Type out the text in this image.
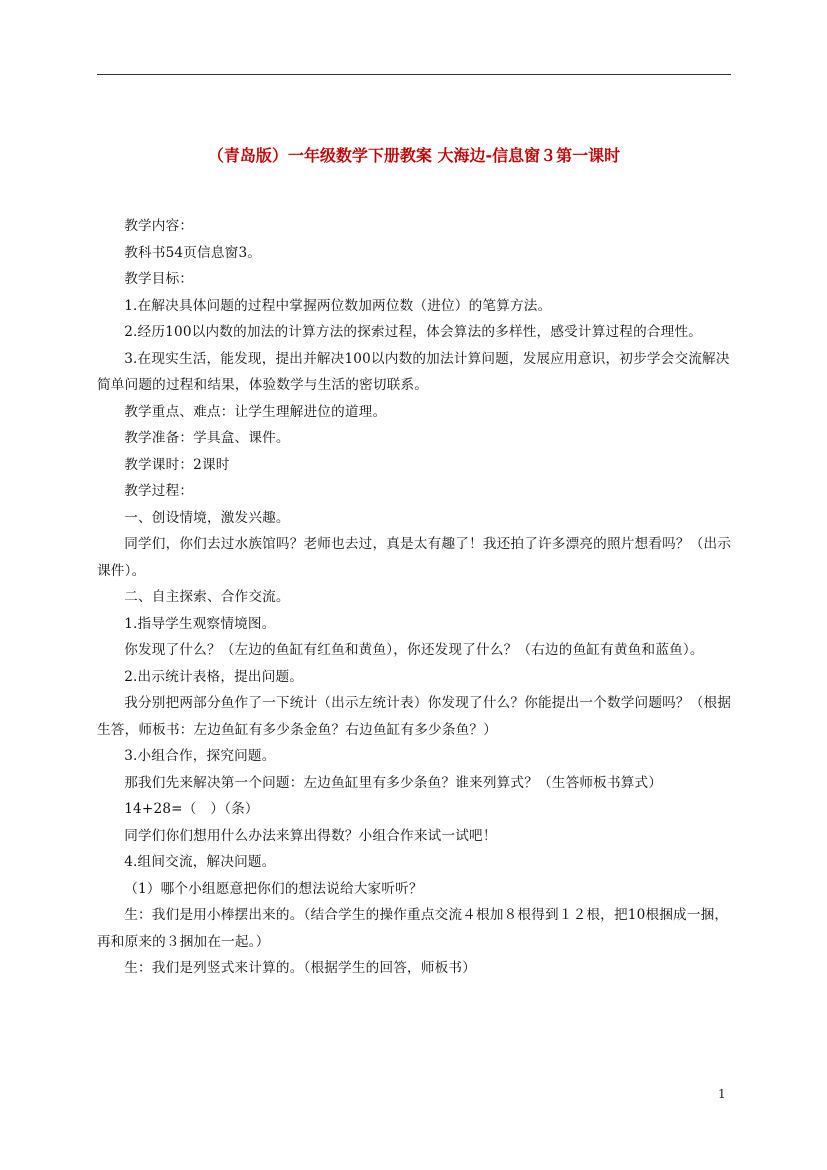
（青岛版）一年级数学下册教案 大海边-信息窗３第一课时

教学内容：

教科书54页信息窗3。

教学目标：

1.在解决具体问题的过程中掌握两位数加两位数（进位）的笔算方法。

2.经历100以内数的加法的计算方法的探索过程，体会算法的多样性，感受计算过程的合理性。

3.在现实生活，能发现，提出并解决100以内数的加法计算问题，发展应用意识，初步学会交流解决简单问题的过程和结果，体验数学与生活的密切联系。

教学重点、难点：让学生理解进位的道理。

教学准备：学具盒、课件。

教学课时：2课时

教学过程：

一、创设情境，激发兴趣。

同学们，你们去过水族馆吗？老师也去过，真是太有趣了！我还拍了许多漂亮的照片想看吗？（出示课件）。

二、自主探索、合作交流。

1.指导学生观察情境图。

你发现了什么？（左边的鱼缸有红鱼和黄鱼），你还发现了什么？（右边的鱼缸有黄鱼和蓝鱼）。

2.出示统计表格，提出问题。

我分别把两部分鱼作了一下统计（出示左统计表）你发现了什么？你能提出一个数学问题吗？（根据生答，师板书：左边鱼缸有多少条金鱼？右边鱼缸有多少条鱼？）

3.小组合作，探究问题。

那我们先来解决第一个问题：左边鱼缸里有多少条鱼？谁来列算式？（生答师板书算式）

14+28=（　）（条）

同学们你们想用什么办法来算出得数？小组合作来试一试吧！

4.组间交流，解决问题。

（1）哪个小组愿意把你们的想法说给大家听听？

生：我们是用小棒摆出来的。（结合学生的操作重点交流４根加８根得到１２根，把10根捆成一捆，再和原来的３捆加在一起。）

生：我们是列竖式来计算的。（根据学生的回答，师板书）

1
